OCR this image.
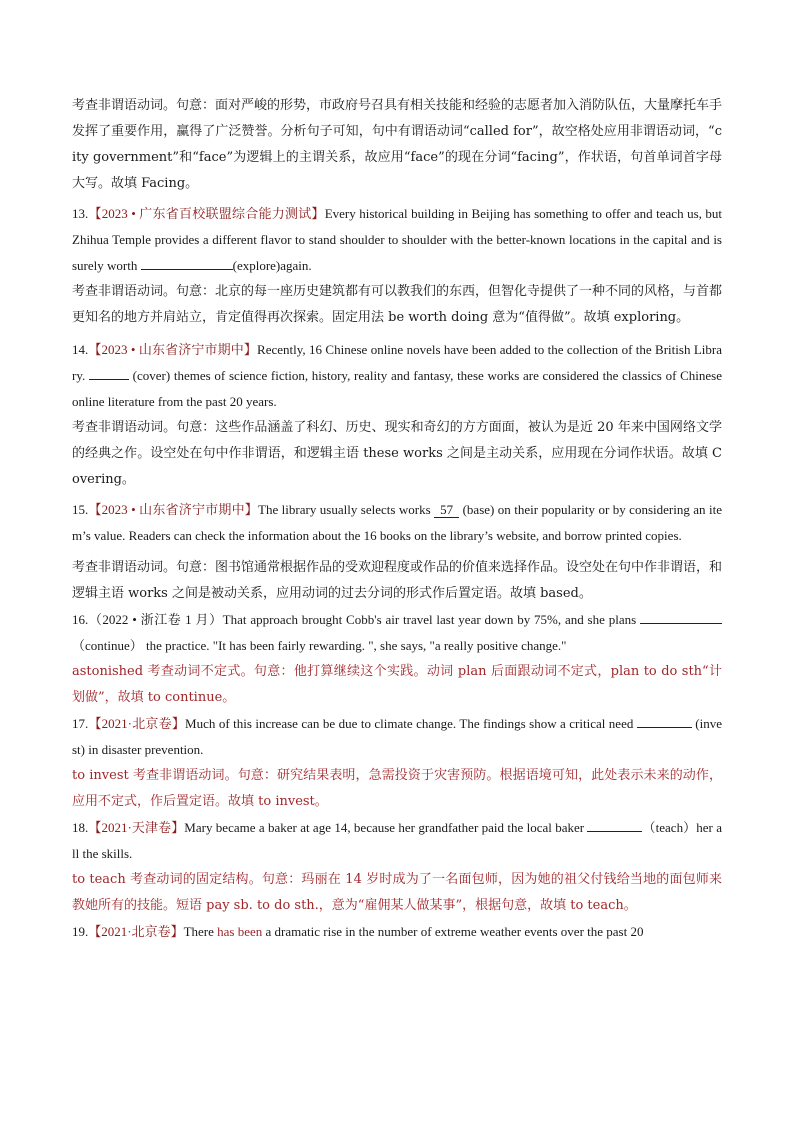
考查非谓语动词。句意：面对严峻的形势，市政府号召具有相关技能和经验的志愿者加入消防队伍，大量摩托车手发挥了重要作用，赢得了广泛赞誉。分析句子可知，句中有谓语动词“called for”，故空格处应用非谓语动词，“city government”和“face”为逻辑上的主谓关系，故应用“face”的现在分词“facing”，作状语，句首单词首字母大写。故填 Facing。

13.【2023 • 广东省百校联盟综合能力测试】Every historical building in Beijing has something to offer and teach us, but Zhihua Temple provides a different flavor to stand shoulder to shoulder with the better-known locations in the capital and is surely worth	(explore)again.

考查非谓语动词。句意：北京的每一座历史建筑都有可以教我们的东西，但智化寺提供了一种不同的风格，与首都更知名的地方并肩站立，肯定值得再次探索。固定用法 be worth doing 意为“值得做”。故填 exploring。

14.【2023 • 山东省济宁市期中】Recently, 16 Chinese online novels have been added to the collection of the British Library.	(cover) themes of science fiction, history, reality and fantasy, these works are considered the classics of Chinese online literature from the past 20 years.

考查非谓语动词。句意：这些作品涵盖了科幻、历史、现实和奇幻的方方面面，被认为是近 20 年来中国网络文学的经典之作。设空处在句中作非谓语，和逻辑主语 these works 之间是主动关系，应用现在分词作状语。故填 Covering。

15.【2023 • 山东省济宁市期中】The library usually selects works 57 (base) on their popularity or by considering an item’s value. Readers can check the information about the 16 books on the library’s website, and borrow printed copies.

考查非谓语动词。句意：图书馆通常根据作品的受欢迎程度或作品的价值来选择作品。设空处在句中作非谓语，和逻辑主语 works 之间是被动关系，应用动词的过去分词的形式作后置定语。故填 based。

16.（2022 • 浙江卷 1 月）That approach brought Cobb's air travel last year down by 75%, and she plans （continue） the practice. "It has been fairly rewarding. ", she says, "a really positive change."

astonished 考查动词不定式。句意：他打算继续这个实践。动词 plan 后面跟动词不定式，plan to do sth“计划做”，故填 to continue。

17.【2021·北京卷】Much of this increase can be due to climate change. The findings show a critical need	(invest) in disaster prevention.

to invest 考查非谓语动词。句意：研究结果表明，急需投资于灾害预防。根据语境可知，此处表示未来的动作，应用不定式，作后置定语。故填 to invest。

18.【2021·天津卷】Mary became a baker at age 14, because her grandfather paid the local baker	（teach）her all the skills.

to teach 考查动词的固定结构。句意：玛丽在 14 岁时成为了一名面包师，因为她的祖父付钱给当地的面包师来教她所有的技能。短语 pay sb. to do sth.，意为“雇佣某人做某事”，根据句意，故填 to teach。

19.【2021·北京卷】There has been a dramatic rise in the number of extreme weather events over the past 20
